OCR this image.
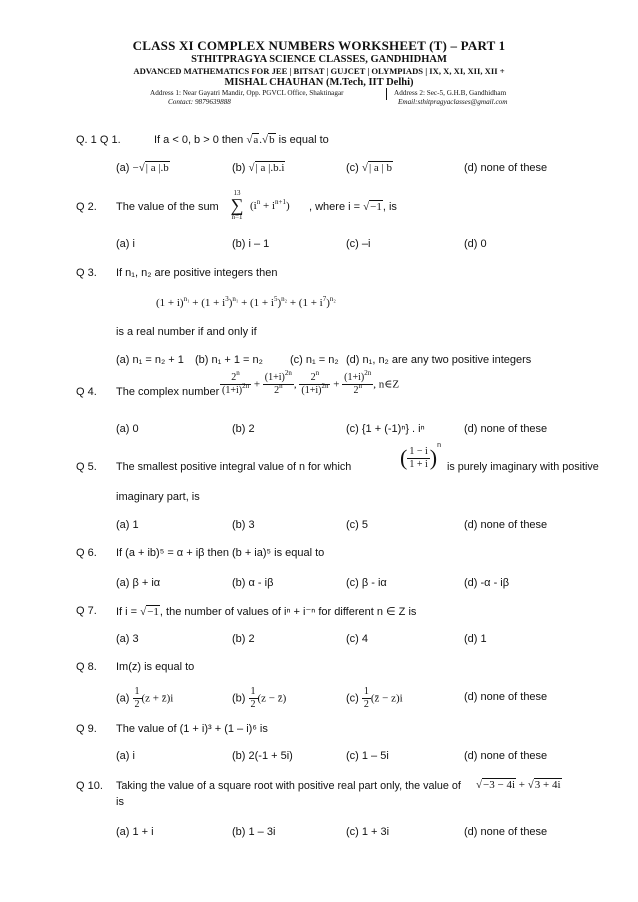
CLASS XI COMPLEX NUMBERS WORKSHEET (T) – PART 1
STHITPRAGYA SCIENCE CLASSES, GANDHIDHAM
ADVANCED MATHEMATICS FOR JEE | BITSAT | GUJCET | OLYMPIADS | IX, X, XI, XII, XII +
MISHAL CHAUHAN (M.Tech, IIT Delhi)
Address 1: Near Gayatri Mandir, Opp. PGVCL Office, Shaktinagar	Address 2: Sec-5, G.H.B, Gandhidham
Contact: 9879639888	Email:sthitpragyaclasses@gmail.com
Q. 1 Q 1.	If a < 0, b > 0 then √a.√b is equal to
(a) −√| a |.b	(b) √| a |.b.i	(c) √| a | b	(d) none of these
Q 2. The value of the sum
13
∑
n=1
$(i^n + i^{n+1})$ , where i = √−1, is
(a) i	(b) i – 1	(c) –i	(d) 0
Q 3. If n₁, n₂ are positive integers then
$(1 + i)^{n_1} + (1 + i^3)^{n_1} + (1 + i^5)^{n_2} + (1 + i^7)^{n_2}$
is a real number if and only if
(a) n₁ = n₂ + 1 (b) n₁ + 1 = n₂ (c) n₁ = n₂ (d) n₁, n₂ are any two positive integers
Q 4. The complex number $\frac{2^n}{(1+i)^{2n}} + \frac{(1+i)^{2n}}{2^n}$ , $\frac{2^n}{(1+i)^{2n}} + \frac{(1+i)^{2n}}{2^n}$ , n∈Z
(a) 0	(b) 2	(c) {1 + (-1)ⁿ} . iⁿ	(d) none of these
Q 5. The smallest positive integral value of n for which ( $\frac{1 - i}{1 + i} )^n$
is purely imaginary with positive
imaginary part, is
(a) 1	(b) 3	(c) 5	(d) none of these
Q 6. If (a + ib)⁵ = α + iβ then (b + ia)⁵ is equal to
(a) β + iα	(b) α - iβ	(c) β - iα	(d) -α - iβ
Q 7. If i = √−1, the number of values of iⁿ + i⁻ⁿ for different n ∈ Z is
(a) 3	(b) 2	(c) 4	(d) 1
Q 8. Im(z) is equal to
$(a) \frac{1}{2} (z$ + z̄)i	$(b) \frac{1}{2} (z$ − z̄)	$(c) \frac{1}{2}$ (z̄ − z)i	(d) none of these
Q 9. The value of (1 + i)³ + (1 – i)⁶ is
(a) i	(b) 2(-1 + 5i)	(c) 1 – 5i	(d) none of these
Q 10. Taking the value of a square root with positive real part only, the value of √−3 − 4i + √3 + 4i
is
(a) 1 + i	(b) 1 – 3i	(c) 1 + 3i	(d) none of these
